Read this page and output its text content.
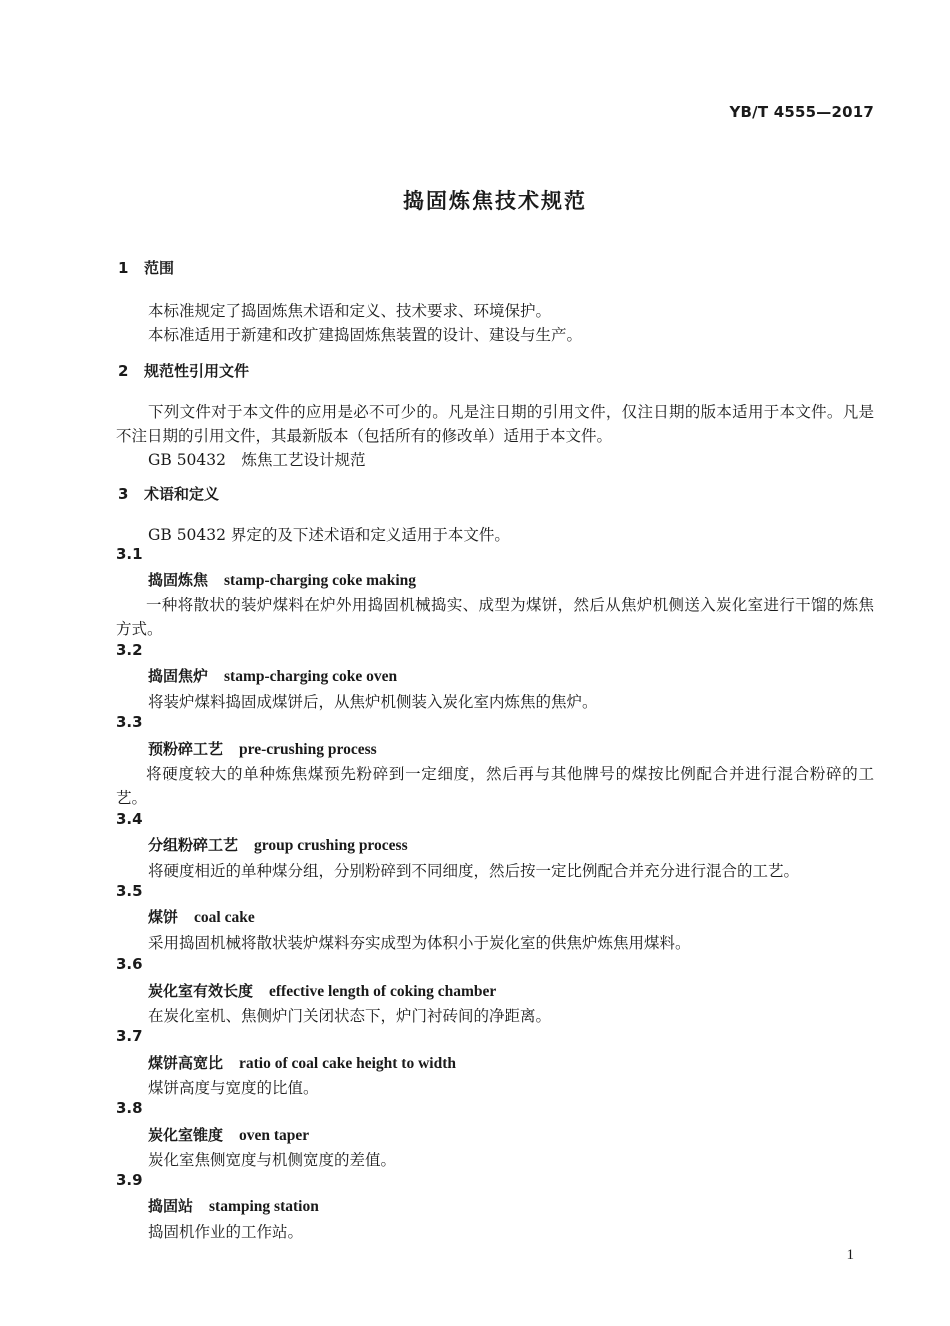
YB/T 4555—2017
捣固炼焦技术规范
1 范围
本标准规定了捣固炼焦术语和定义、技术要求、环境保护。
本标准适用于新建和改扩建捣固炼焦装置的设计、建设与生产。
2 规范性引用文件
下列文件对于本文件的应用是必不可少的。凡是注日期的引用文件，仅注日期的版本适用于本文件。凡是不注日期的引用文件，其最新版本（包括所有的修改单）适用于本文件。
GB 50432　炼焦工艺设计规范
3 术语和定义
GB 50432 界定的及下述术语和定义适用于本文件。
3.1
捣固炼焦 stamp-charging coke making
一种将散状的装炉煤料在炉外用捣固机械捣实、成型为煤饼，然后从焦炉机侧送入炭化室进行干馏的炼焦方式。
3.2
捣固焦炉 stamp-charging coke oven
将装炉煤料捣固成煤饼后，从焦炉机侧装入炭化室内炼焦的焦炉。
3.3
预粉碎工艺 pre-crushing process
将硬度较大的单种炼焦煤预先粉碎到一定细度，然后再与其他牌号的煤按比例配合并进行混合粉碎的工艺。
3.4
分组粉碎工艺 group crushing process
将硬度相近的单种煤分组，分别粉碎到不同细度，然后按一定比例配合并充分进行混合的工艺。
3.5
煤饼 coal cake
采用捣固机械将散状装炉煤料夯实成型为体积小于炭化室的供焦炉炼焦用煤料。
3.6
炭化室有效长度 effective length of coking chamber
在炭化室机、焦侧炉门关闭状态下，炉门衬砖间的净距离。
3.7
煤饼高宽比 ratio of coal cake height to width
煤饼高度与宽度的比值。
3.8
炭化室锥度 oven taper
炭化室焦侧宽度与机侧宽度的差值。
3.9
捣固站 stamping station
捣固机作业的工作站。
1
